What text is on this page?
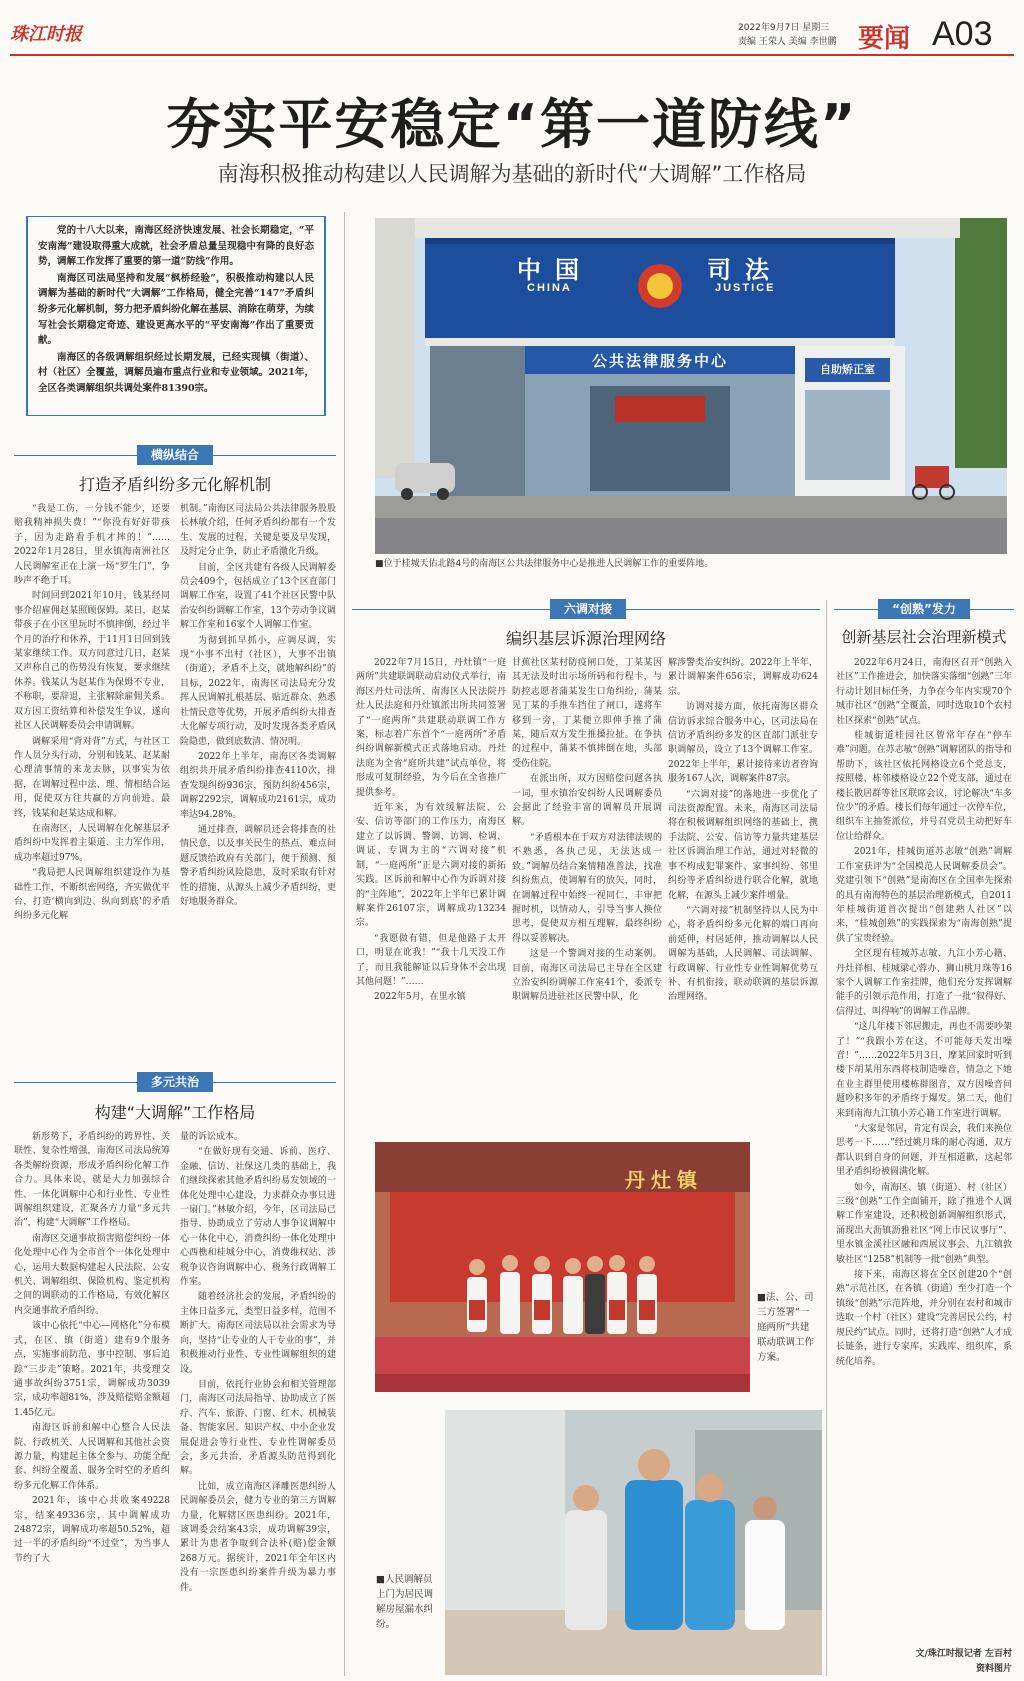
珠江时报	2022年9月7日 星期三
责编 王荣人 美编 李世鹏 要闻 A03
夯实平安稳定“第一道防线”
南海积极推动构建以人民调解为基础的新时代“大调解”工作格局

党的十八大以来，南海区经济快速发展、社会长期稳定，“平安南海”建设取得重大成就，社会矛盾总量呈现稳中有降的良好态势，调解工作发挥了重要的第一道“防线”作用。

南海区司法局坚持和发展“枫桥经验”，积极推动构建以人民调解为基础的新时代“大调解”工作格局，健全完善“147”矛盾纠纷多元化解机制，努力把矛盾纠纷化解在基层、消除在萌芽，为续写社会长期稳定奇迹、建设更高水平的“平安南海”作出了重要贡献。

南海区的各级调解组织经过长期发展，已经实现镇（街道）、村（社区）全覆盖，调解员遍布重点行业和专业领域。2021年，全区各类调解组织共调处案件81390宗。

横纵结合
打造矛盾纠纷多元化解机制

“我是工伤，一分钱不能少，还要赔我精神损失费！”“你没有好好带孩子，因为走路看手机才摔的！”……2022年1月28日，里水镇海南洲社区人民调解室正在上演一场“罗生门”，争吵声不绝于耳。

时间回到2021年10月，钱某经同事介绍雇佣赵某照顾保姆。某日，赵某带孩子在小区里玩时不慎摔倒，经过半个月的治疗和休养，于11月1日回到钱某家继续工作。双方同意过几日，赵某又声称自己的伤势没有恢复，要求继续休养。钱某认为赵某作为保姆不专业，不称职，要辞退，主张解除雇佣关系。双方因工资结算和补偿发生争议，遂向社区人民调解委员会申请调解。

调解采用“背对背”方式，与社区工作人员分头行动，分别和钱某、赵某耐心理清事情的来龙去脉，以事实为依据，在调解过程中法、理、情相结合运用，促使双方往共赢的方向前进。最终，钱某和赵某达成和解。

在南海区，人民调解在化解基层矛盾纠纷中发挥着主渠道、主力军作用，成功率超过97%。

“我局把人民调解组织建设作为基础性工作，不断织密网络，齐实做优平台，打造‘横向到边、纵向到底’的矛盾纠纷多元化解

机制。”南海区司法局公共法律服务股股长林敏介绍，任何矛盾纠纷都有一个发生、发展的过程，关键是要及早发现，及时定分止争，防止矛盾激化升级。

目前，全区共建有各级人民调解委员会409个，包括成立了13个区直部门调解工作室，设置了41个社区民警中队治安纠纷调解工作室，13个劳动争议调解工作室和16家个人调解工作室。

为彻到抓早抓小，应调尽调，实现“小事不出村（社区），大事不出镇（街道），矛盾不上交，就地解纠纷”的目标，2022年，南海区司法局充分发挥人民调解扎根基层、贴近群众、熟悉社情民意等优势，开展矛盾纠纷大排查大化解专项行动，及时发现各类矛盾风险隐患，做到底数清、情况明。

2022年上半年，南海区各类调解组织共开展矛盾纠纷排查4110次，排查发现纠纷936宗，预防纠纷456宗，调解2292宗，调解成功2161宗，成功率达94.28%。

通过排查，调解员还会将排查的社情民意，以及事关民生的热点、难点问题反馈给政府有关部门，便于预测、预警矛盾纠纷风险隐患，及时采取有针对性的措施，从源头上减少矛盾纠纷，更好地服务群众。

多元共治
构建“大调解”工作格局

新形势下，矛盾纠纷的跨界性、关联性、复杂性增强，南海区司法局统筹各类解纷资源，形成矛盾纠纷化解工作合力。具体来说，就是大力加强综合性、一体化调解中心和行业性、专业性调解组织建设，汇聚各方力量“多元共治”，构建“大调解”工作格局。

南海区交通事故损害赔偿纠纷一体化处理中心作为全市首个一体化处理中心，运用大数据构建起人民法院、公安机关、调解组织、保险机构、鉴定机构之间的调联动的工作格局，有效化解区内交通事故矛盾纠纷。

该中心依托“中心—网格化”分布模式，在区、镇（街道）建有9个服务点，实施事前防范、事中控制、事后追踪“三步走”策略。2021年，共受理交通事故纠纷3751宗，调解成功3039宗，成功率超81%，涉及赔偿赔金额超1.45亿元。

南海区诉前和解中心整合人民法院、行政机关、人民调解和其他社会资源力量，构建起主体全参与、功能全配套、纠纷全覆盖、服务全时空的矛盾纠纷多元化解工作体系。

2021年，该中心共收案49228宗，结案49336宗，其中调解成功24872宗，调解成功率超50.52%，超过一半的矛盾纠纷“不过堂”，为当事人节约了大

量的诉讼成本。

“在做好现有交通、诉前、医疗、金融、信访、社保这几类的基础上，我们继续探索其他矛盾纠纷易发领域的一体化处理中心建设，力求群众办事只进一扇门。”林敏介绍，今年，区司法局已指导、协助成立了劳动人事争议调解中心一体化中心，消费纠纷一体化处理中心西樵和桂城分中心，消费维权站、涉税争议咨询调解中心、税务行政调解工作室。

随着经济社会的发展，矛盾纠纷的主体日益多元，类型日益多样，范围不断扩大。南海区司法局以社会需求为导向，坚持“让专业的人干专业的事”，并积极推动行业性、专业性调解组织的建设。

目前，依托行业协会和相关管理部门，南海区司法局指导、协助成立了医疗、汽车、旅游、门窗、红木、机械装备、智能家居、知识产权、中小企业发展促进会等行业性、专业性调解委员会，多元共治，矛盾源头防范得到化解。

比如，成立南海区泽雕医患纠纷人民调解委员会，健力专业的第三方调解力量，化解辖区医患纠纷。2021年，该调委会结案43宗，成功调解39宗，累计为患者争取到合法补(赔)偿金额268万元。据统计，2021年全年区内没有一宗医患纠纷案件升级为暴力事件。

中国
CHINA
司法
JUSTICE
公共法律服务中心	自助矫正室
■位于桂城天佑北路4号的南海区公共法律服务中心是推进人民调解工作的重要阵地。
六调对接
编织基层诉源治理网络

2022年7月15日，丹灶镇“一庭两所”共建联调联动启动仪式举行，南海区丹灶司法所、南海区人民法院丹灶人民法庭和丹灶镇派出所共同签署了“一庭两所”共建联动联调工作方案，标志着广东首个“一庭两所”矛盾纠纷调解新模式正式落地启动。丹灶法庭为全省“庭所共建”试点单位，将形成可复制经验，为今后在全省推广提供参考。

近年来，为有效缓解法院、公安、信访等部门的工作压力，南海区建立了以诉调、警调、访调、检调、调证、专调为主的“六调对接”机制，“一庭两所”正是六调对接的新拓实践。区诉前和解中心作为诉调对接的“主阵地”，2022年上半年已累计调解案件26107宗，调解成功13234宗。

“我愿做有错，但是他路子太开口，明显在讹我！”“我十几天没工作了，而且我能解证以后身体不会出现其他问题！”……

2022年5月，在里水镇

甘蕉社区某村防疫闸口处，丁某某因其无法及时出示场所码和行程卡，与防控志愿者蒲某发生口角纠纷，蒲某见丁某的手推车挡住了闸口，遂将车移到一旁，丁某便立即伸手推了蒲某，随后双方发生推搡拉扯。在争执的过程中，蒲某不慎摔倒在地，头部受伤住院。

在派出所，双方因赔偿问题各执一词，里水镇治安纠纷人民调解委员会据此了经验丰富的调解员开展调解。

“矛盾根本在于双方对法律法规的不熟悉，各执己见，无法达成一致。”调解员结合案情精准普法，找准纠纷焦点，使调解有的放矢，同时，在调解过程中始终一视同仁，丰审把握时机，以情动人，引导当事人换位思考，促使双方相互理解，最终纠纷得以妥善解决。

这是一个警调对接的生动案例。目前，南海区司法局已主导在全区建立治安纠纷调解工作室41个，委派专职调解员进驻社区民警中队，化

解涉警类治安纠纷。2022年上半年，累计调解案件656宗，调解成功624宗。

访调对接方面，依托南海区群众信访诉求综合服务中心，区司法局在信访矛盾纠纷多发的区直部门派驻专职调解员，设立了13个调解工作室。2022年上半年，累计接待来访者咨询服务167人次，调解案件87宗。

“六调对接”的落地进一步优化了司法资源配置。未来，南海区司法局将在积极调解组织网络的基础上，携手法院、公安、信访等力量共建基层社区诉调治理工作站，通过对轻微的事不构成犯罪案件、家事纠纷、邻里纠纷等矛盾纠纷进行联合化解，就地化解，在源头上减少案件增量。

“六调对接”机制坚持以人民为中心，将矛盾纠纷多元化解的端口再向前延伸，村居延伸，推动调解以人民调解为基础，人民调解、司法调解、行政调解、行业性专业性调解优势互补、有机衔接、联动联调的基层诉源治理网络。

丹灶镇
■法、公、司三方签署“一庭两所”共建联动联调工作方案。
■人民调解员上门为居民调解房屋漏水纠纷。
“创熟”发力
创新基层社会治理新模式

2022年6月24日，南海区召开“创熟入社区”工作推进会，加快落实落细“创熟”三年行动计划目标任务，力争在今年内实现70个城市社区“创熟”全覆盖，同时选取10个农村社区探索“创熟”试点。

桂城街道桂园社区曾常年存在“停车难”问题。在苏志敏“创熟”调解团队的指导和帮助下，该社区依托网格设立6个党总支，按照楼、栋邻楼格设立22个党支部，通过在楼长散居群等社区联席会议，讨论解决“车多位少”的矛盾。楼长们每年通过一次停车位，组织车主抽签派位，并号召党员主动把好车位让给群众。

2021年，桂城街道苏志敏“创熟”调解工作室获评为“全国模范人民调解委员会”。党建引领下“创熟”是南海区在全国率先探索的具有南海特色的基层治理新模式，自2011年桂城街道首次提出“创建熟人社区”以来，“桂城创熟”的实践探索为“南海创熟”提供了宝贵经验。

全区现有桂城苏志敏、九江小芳心籍、丹灶祥相、桂城梁心蓉办、狮山桃月珠等16家个人调解工作室挂牌，他们充分发挥调解能手的引领示范作用，打造了一批“叙得好、信得过、叫得响”的调解工作品牌。

“这几年楼下邻居搬走，再也不需要吵架了！”“我跟小芳在这，不可能每天发出噪音！”……2022年5月3日，摩某回家时听到楼下胡某用东西将枝制造噪音，情急之下她在业主群里使用楼栋群图音，双方因噪音问题吵积多年的矛盾终于爆发。第二天，他们来到南海九江镇小芳心籍工作室进行调解。

“大家是邻居，肯定有误会，我们来换位思考一下……”经过姚月珠的耐心沟通，双方都认识到自身的问题，并互相道歉，这起邻里矛盾纠纷被圆满化解。

如今，南海区、镇（街道）、村（社区）三级“创熟”工作全面铺开，除了推进个人调解工作室建设，还积极创新调解组织形式，涌现出大沥镇沥雅社区“网上市民议事厅”、里水镇金溪社区融和西展议事会、九江镇敦敏社区“1258”机制等一批“创熟”典型。

接下来，南海区将在全区创建20个“创熟”示范社区，在各镇（街道）至少打造一个镇级“创熟”示范阵地，并分别在农村和城市选取一个村（社区）建设“完善居民公约，村规民约”试点。同时，还将打造“创熟”人才成长链条，进行专家库，实践库、组织库，系统化培养。

文/珠江时报记者 左百村
资料图片
